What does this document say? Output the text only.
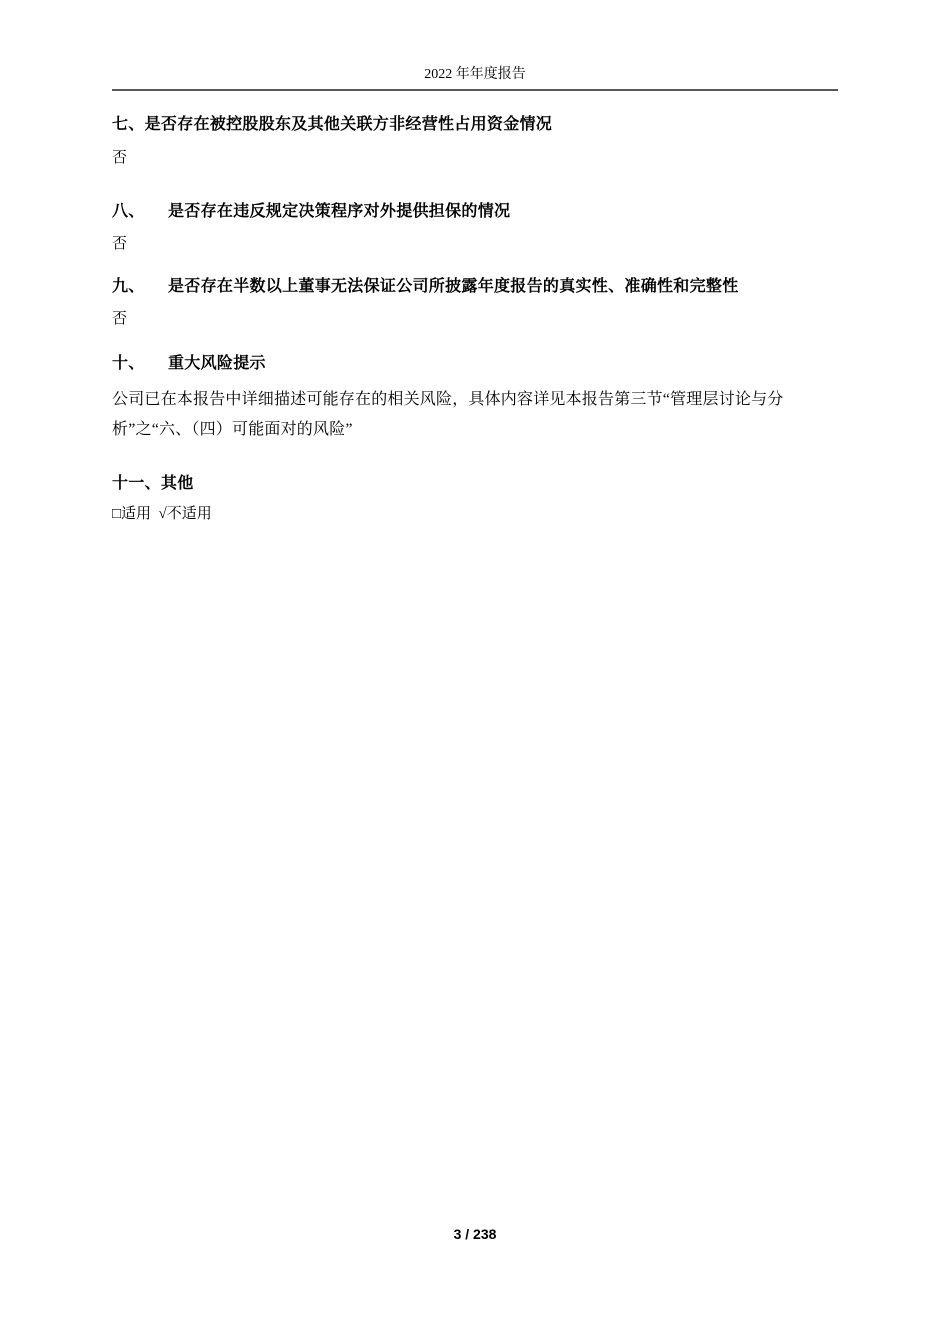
2022 年年度报告
七、是否存在被控股股东及其他关联方非经营性占用资金情况
否
八、 是否存在违反规定决策程序对外提供担保的情况
否
九、 是否存在半数以上董事无法保证公司所披露年度报告的真实性、准确性和完整性
否
十、 重大风险提示
公司已在本报告中详细描述可能存在的相关风险，具体内容详见本报告第三节“管理层讨论与分
析”之“六、（四）可能面对的风险”
十一、其他
□适用  √不适用
3 / 238
